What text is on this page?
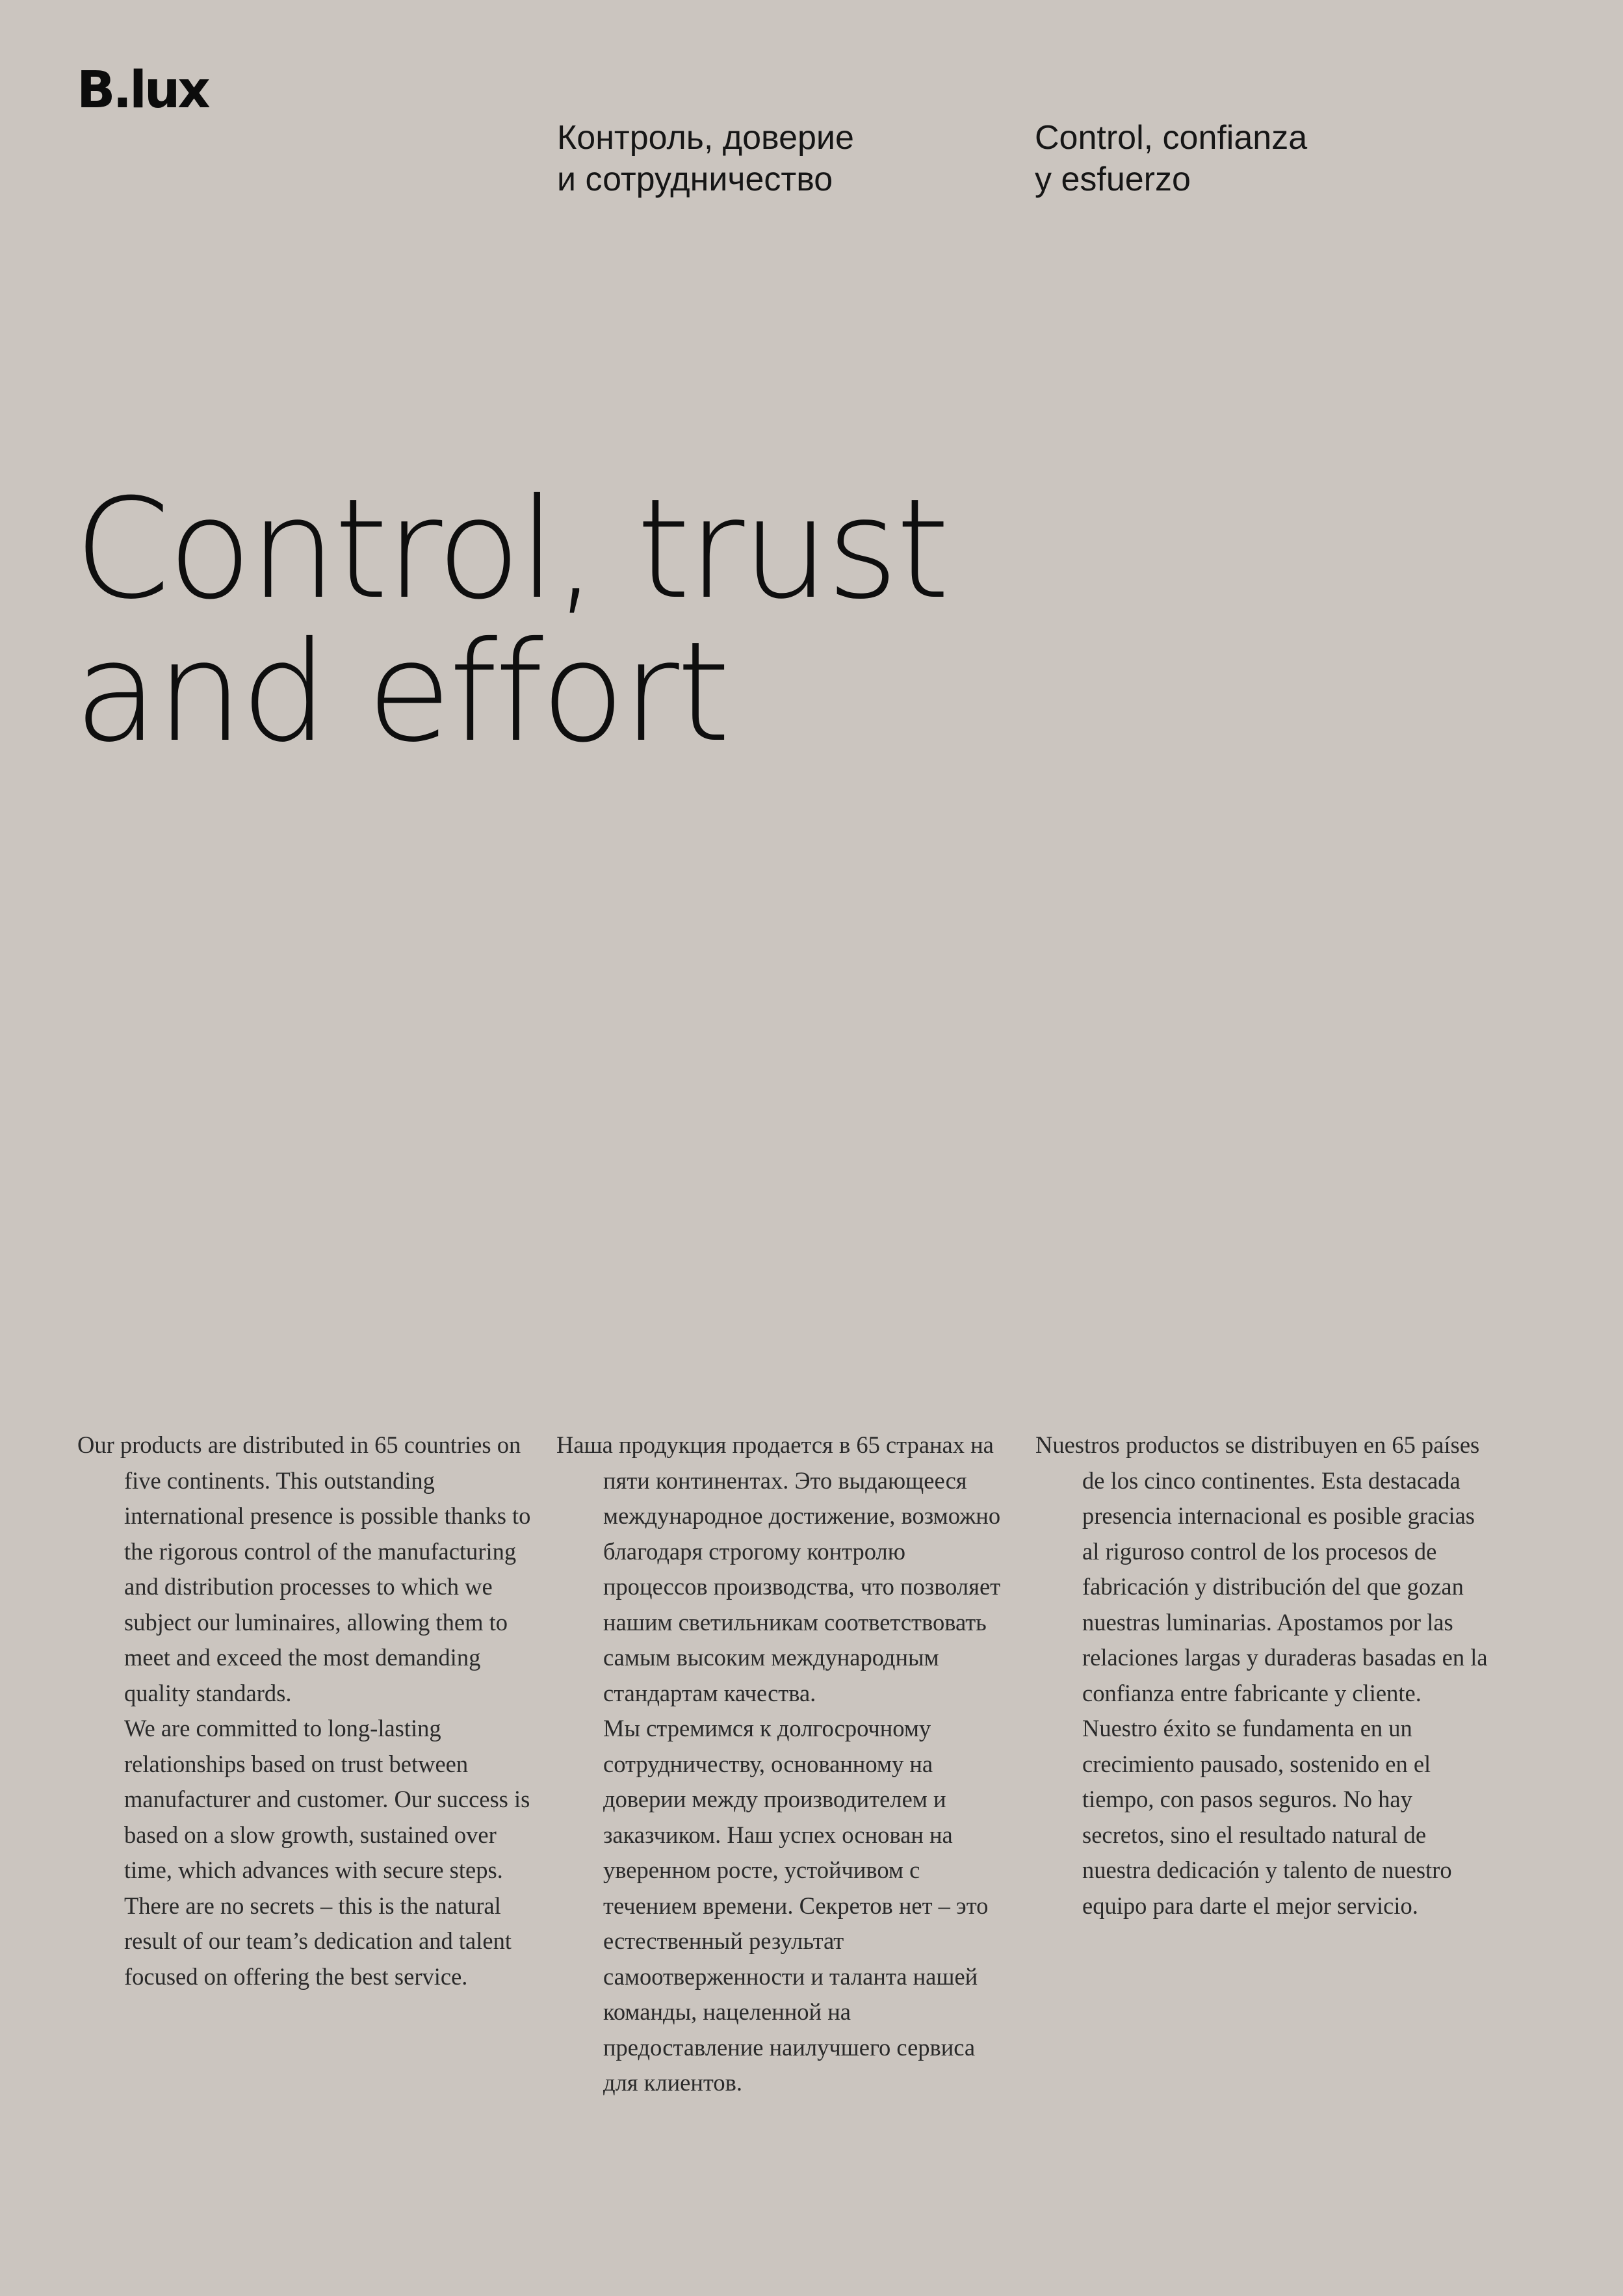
B.lux
Контроль, доверие
и сотрудничество
Control, confianza
y esfuerzo
Control, trust
and effort

Our products are distributed in 65 countries on five continents. This outstanding international presence is possible thanks to the rigorous control of the manufacturing and distribution processes to which we subject our luminaires, allowing them to meet and exceed the most demanding quality standards.

We are committed to long-lasting relationships based on trust between manufacturer and customer. Our success is based on a slow growth, sustained over time, which advances with secure steps. There are no secrets – this is the natural result of our team’s dedication and talent focused on offering the best service.

Наша продукция продается в 65 странах на пяти континентах. Это выдающееся международное достижение, возможно благодаря строгому контролю процессов производства, что позволяет нашим светильникам соответствовать самым высоким международным стандартам качества.

Мы стремимся к долгосрочному сотрудничеству, основанному на доверии между производителем и заказчиком. Наш успех основан на уверенном росте, устойчивом с течением времени. Секретов нет – это естественный результат самоотверженности и таланта нашей команды, нацеленной на предоставление наилучшего сервиса для клиентов.

Nuestros productos se distribuyen en 65 países de los cinco continentes. Esta destacada presencia internacional es posible gracias al riguroso control de los procesos de fabricación y distribución del que gozan nuestras luminarias. Apostamos por las relaciones largas y duraderas basadas en la confianza entre fabricante y cliente. Nuestro éxito se fundamenta en un crecimiento pausado, sostenido en el tiempo, con pasos seguros. No hay secretos, sino el resultado natural de nuestra dedicación y talento de nuestro equipo para darte el mejor servicio.
